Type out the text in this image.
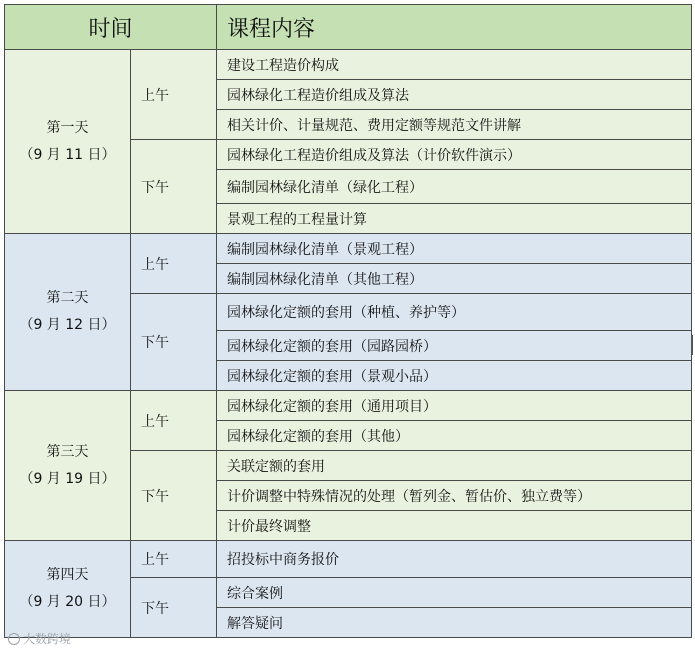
时间		课程内容

第一天
（9 月 11 日）	上午	建设工程造价构成
		园林绿化工程造价组成及算法
		相关计价、计量规范、费用定额等规范文件讲解
	下午	园林绿化工程造价组成及算法（计价软件演示）
		编制园林绿化清单（绿化工程）
		景观工程的工程量计算

第二天
（9 月 12 日）	上午	编制园林绿化清单（景观工程）
		编制园林绿化清单（其他工程）
	下午	园林绿化定额的套用（种植、养护等）
		园林绿化定额的套用（园路园桥）
		园林绿化定额的套用（景观小品）

第三天
（9 月 19 日）	上午	园林绿化定额的套用（通用项目）
		园林绿化定额的套用（其他）
	下午	关联定额的套用
		计价调整中特殊情况的处理（暂列金、暂估价、独立费等）
		计价最终调整

第四天
（9 月 20 日）	上午	招投标中商务报价
	下午	综合案例
		解答疑问
大数跨境
